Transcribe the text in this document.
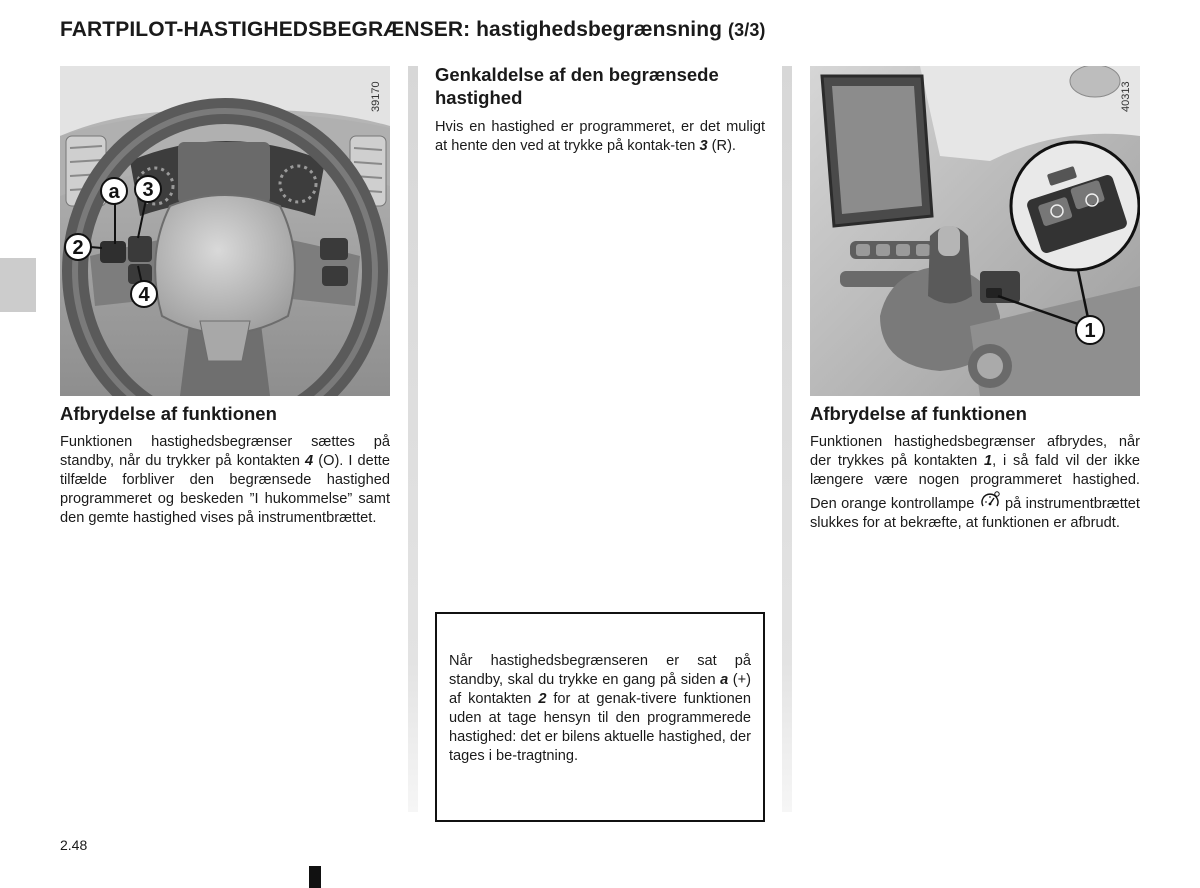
FARTPILOT-HASTIGHEDSBEGRÆNSER: hastighedsbegrænsning (3/3)
a 3
2
4
39170
1
40313
Afbrydelse af funktionen

Funktionen hastighedsbegrænser sættes på standby, når du trykker på kontakten 4 (O). I dette tilfælde forbliver den begrænsede hastighed programmeret og beskeden ”I hukommelse” samt den gemte hastighed vises på instrumentbrættet.

Genkaldelse af den begrænsede hastighed

Hvis en hastighed er programmeret, er det muligt at hente den ved at trykke på kontak-ten 3 (R).

Når hastighedsbegrænseren er sat på standby, skal du trykke en gang på siden a (+) af kontakten 2 for at genak-tivere funktionen uden at tage hensyn til den programmerede hastighed: det er bilens aktuelle hastighed, der tages i be-tragtning.

Afbrydelse af funktionen

Funktionen hastighedsbegrænser afbrydes, når der trykkes på kontakten 1, i så fald vil der ikke længere være nogen programmeret hastighed. Den orange kontrollampe  på instrumentbrættet slukkes for at bekræfte, at funktionen er afbrudt.

2.48
